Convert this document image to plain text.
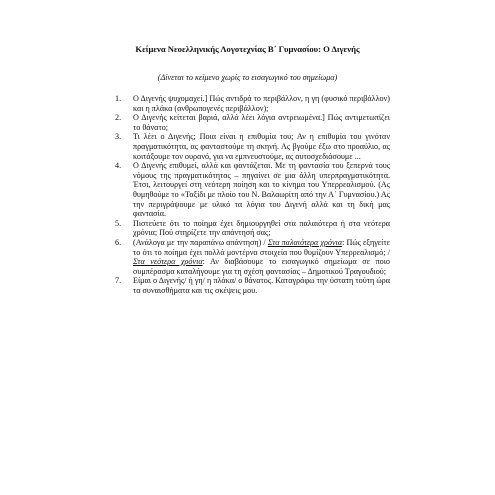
Κείμενα Νεοελληνικής Λογοτεχνίας Β΄ Γυμνασίου: Ο Διγενής
(Δίνεται το κείμενο χωρίς το εισαγωγικό του σημείωμα)
1. Ο Διγενής ψυχομαχεί.] Πώς αντιδρά το περιβάλλον, η γη (φυσικό περιβάλλον) και η πλάκα (ανθρωπογενές περιβάλλον);
2. Ο Διγενής κείτεται βαριά, αλλά λέει λόγια αντρειωμένα.] Πώς αντιμετωπίζει το θάνατο;
3. Τι λέει ο Διγενής; Ποια είναι η επιθυμία του; Αν η επιθυμία του γινόταν πραγματικότητα, ας φανταστούμε τη σκηνή. Ας βγούμε έξω στο προαύλιο, ας κοιτάξουμε τον ουρανό, για να εμπνευστούμε, ας αυτοσχεδιάσουμε ...
4. Ο Διγενής επιθυμεί, αλλά και φαντάζεται. Με τη φαντασία του ξεπερνά τους νόμους της πραγματικότητας – πηγαίνει σε μια άλλη υπερπραγματικότητα. Έτσι, λειτουργεί στη νεότερη ποίηση και το κίνημα του Υπερρεαλισμού. (Ας θυμηθούμε το «Ταξίδι με πλοίο του Ν. Βαλαωρίτη από την Α΄ Γυμνασίου.) Ας την περιγράψουμε με υλικό τα λόγια του Διγενή αλλά και τη δική μας φαντασία.
5. Πιστεύετε ότι το ποίημα έχει δημιουργηθεί στα παλαιότερα ή στα νεότερα χρόνια; Πού στηρίζετε την απάντησή σας;
6. (Ανάλογα με την παραπάνω απάντηση) / Στα παλαιότερα χρόνια: Πώς εξηγείτε το ότι το ποίημα έχει πολλά μοντέρνα στοιχεία που θυμίζουν Υπερρεαλισμό; / Στα νεότερα χρόνια: Αν διαβάσουμε το εισαγωγικό σημείωμα σε ποιο συμπέρασμα καταλήγουμε για τη σχέση φαντασίας – Δημοτικού Τραγουδιού;
7. Είμαι ο Διγενής/ ή γη/ η πλάκα/ ο θάνατος. Καταγράφω την ύστατη τούτη ώρα τα συναισθήματα και τις σκέψεις μου.
